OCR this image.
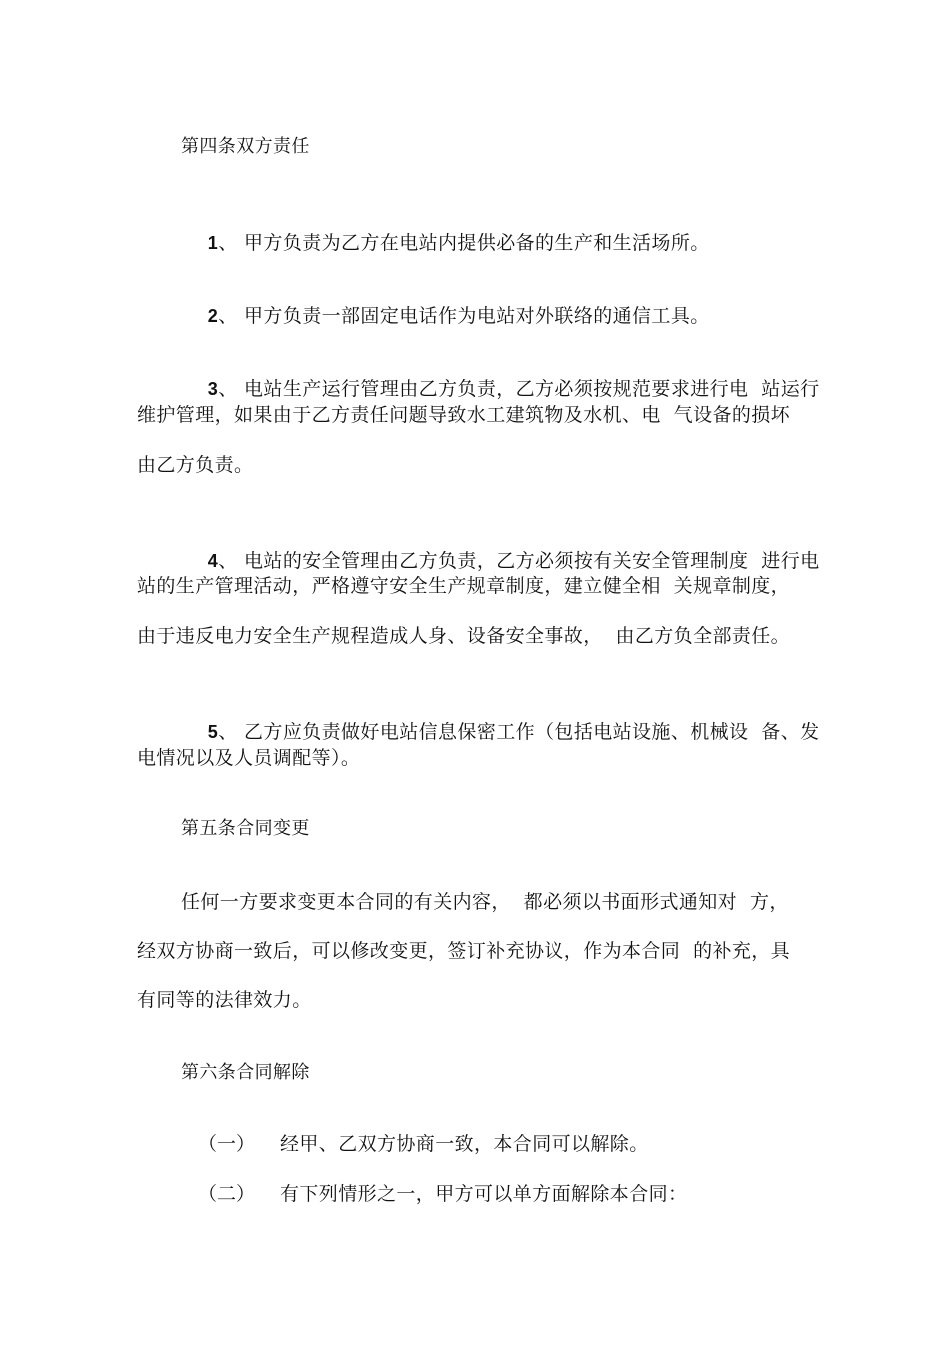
第四条双方责任

1、 甲方负责为乙方在电站内提供必备的生产和生活场所。

2、 甲方负责一部固定电话作为电站对外联络的通信工具。

3、 电站生产运行管理由乙方负责，乙方必须按规范要求进行电  站运行

维护管理，如果由于乙方责任问题导致水工建筑物及水机、电  气设备的损坏
由乙方负责。

4、 电站的安全管理由乙方负责，乙方必须按有关安全管理制度  进行电

站的生产管理活动，严格遵守安全生产规章制度，建立健全相  关规章制度，
由于违反电力安全生产规程造成人身、设备安全事故，  由乙方负全部责任。

5、 乙方应负责做好电站信息保密工作（包括电站设施、机械设  备、发

电情况以及人员调配等）。
第五条合同变更
任何一方要求变更本合同的有关内容，  都必须以书面形式通知对  方，
经双方协商一致后，可以修改变更，签订补充协议，作为本合同  的补充，具
有同等的法律效力。
第六条合同解除
（一） 经甲、乙双方协商一致，本合同可以解除。
（二） 有下列情形之一，甲方可以单方面解除本合同：
